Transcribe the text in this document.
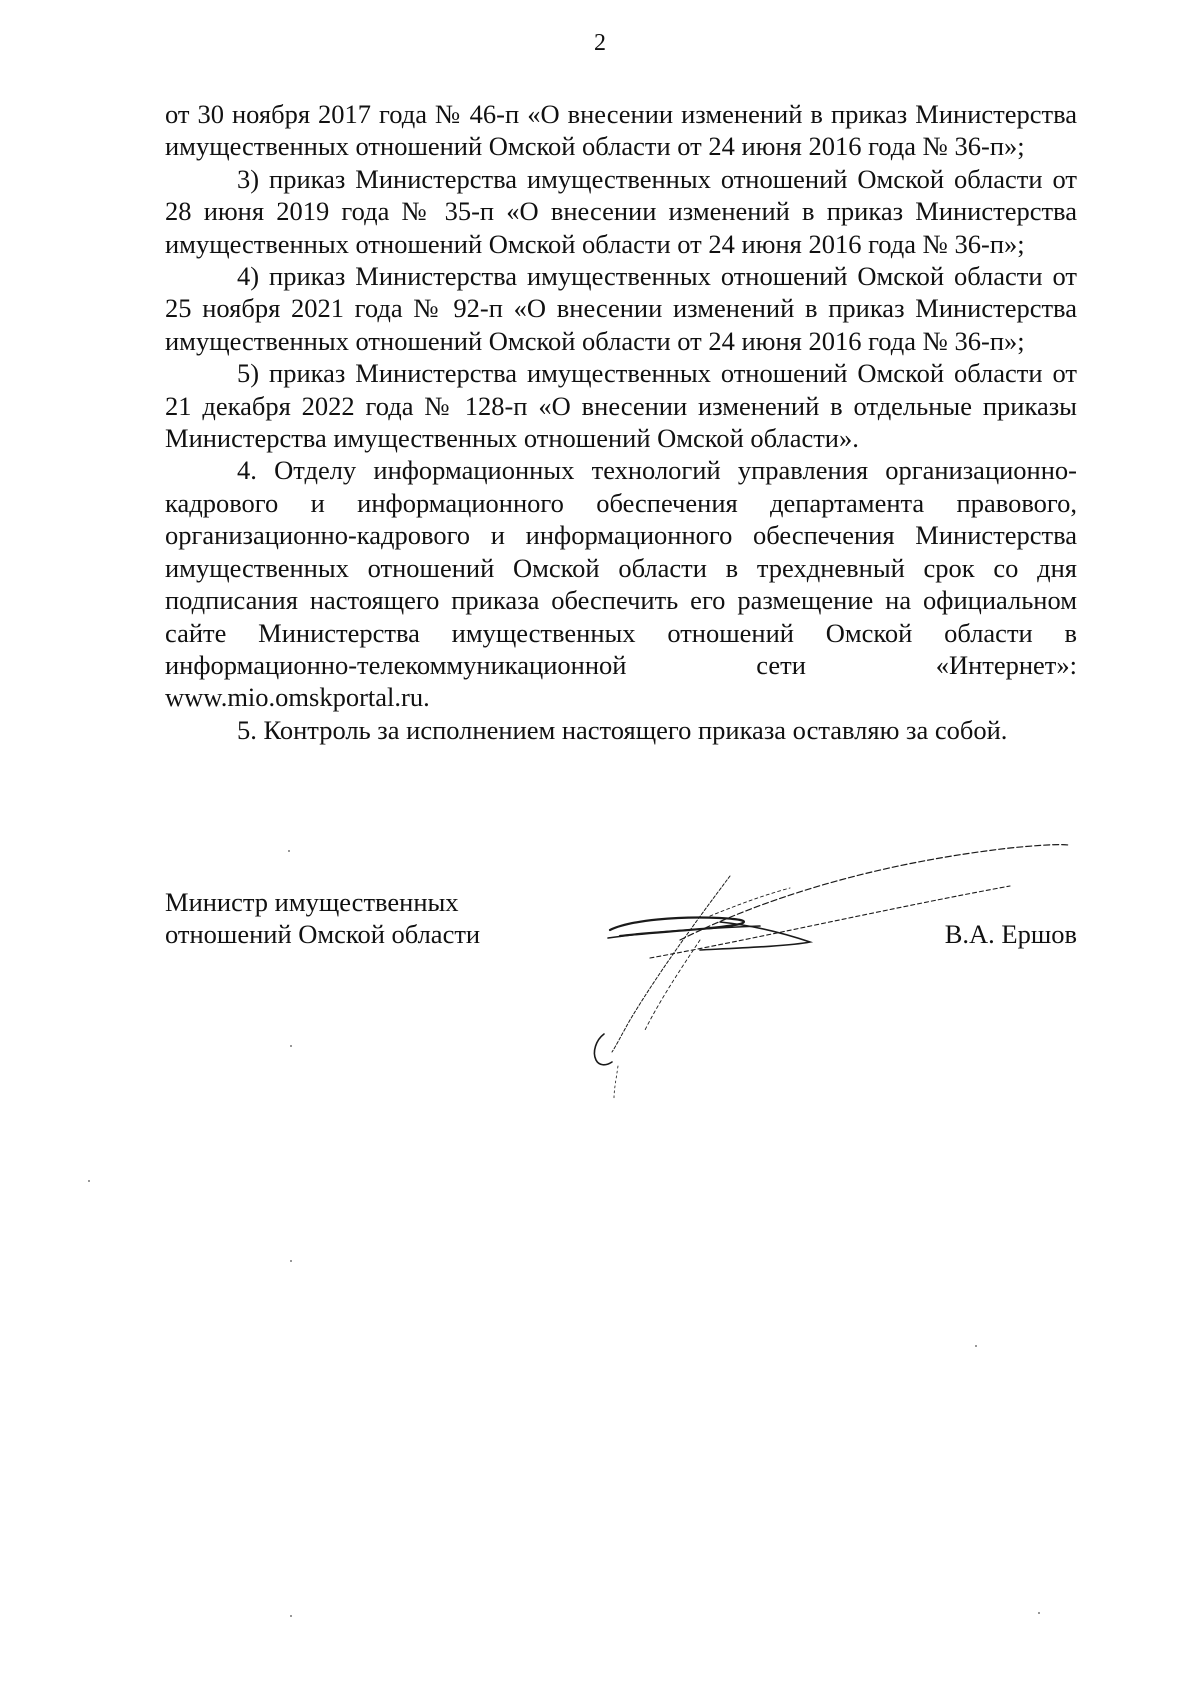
2

от 30 ноября 2017 года № 46-п «О внесении изменений в приказ Министерства имущественных отношений Омской области от 24 июня 2016 года № 36-п»;

3) приказ Министерства имущественных отношений Омской области от 28 июня 2019 года № 35-п «О внесении изменений в приказ Министерства имущественных отношений Омской области от 24 июня 2016 года № 36-п»;

4) приказ Министерства имущественных отношений Омской области от 25 ноября 2021 года № 92-п «О внесении изменений в приказ Министерства имущественных отношений Омской области от 24 июня 2016 года № 36-п»;

5) приказ Министерства имущественных отношений Омской области от 21 декабря 2022 года № 128-п «О внесении изменений в отдельные приказы Министерства имущественных отношений Омской области».

4. Отделу информационных технологий управления организационно-кадрового и информационного обеспечения департамента правового, организационно-кадрового и информационного обеспечения Министерства имущественных отношений Омской области в трехдневный срок со дня подписания настоящего приказа обеспечить его размещение на официальном сайте Министерства имущественных отношений Омской области в информационно-телекоммуникационной сети «Интернет»: www.mio.omskportal.ru.

5. Контроль за исполнением настоящего приказа оставляю за собой.

Министр имущественных
отношений Омской области	В.А. Ершов
